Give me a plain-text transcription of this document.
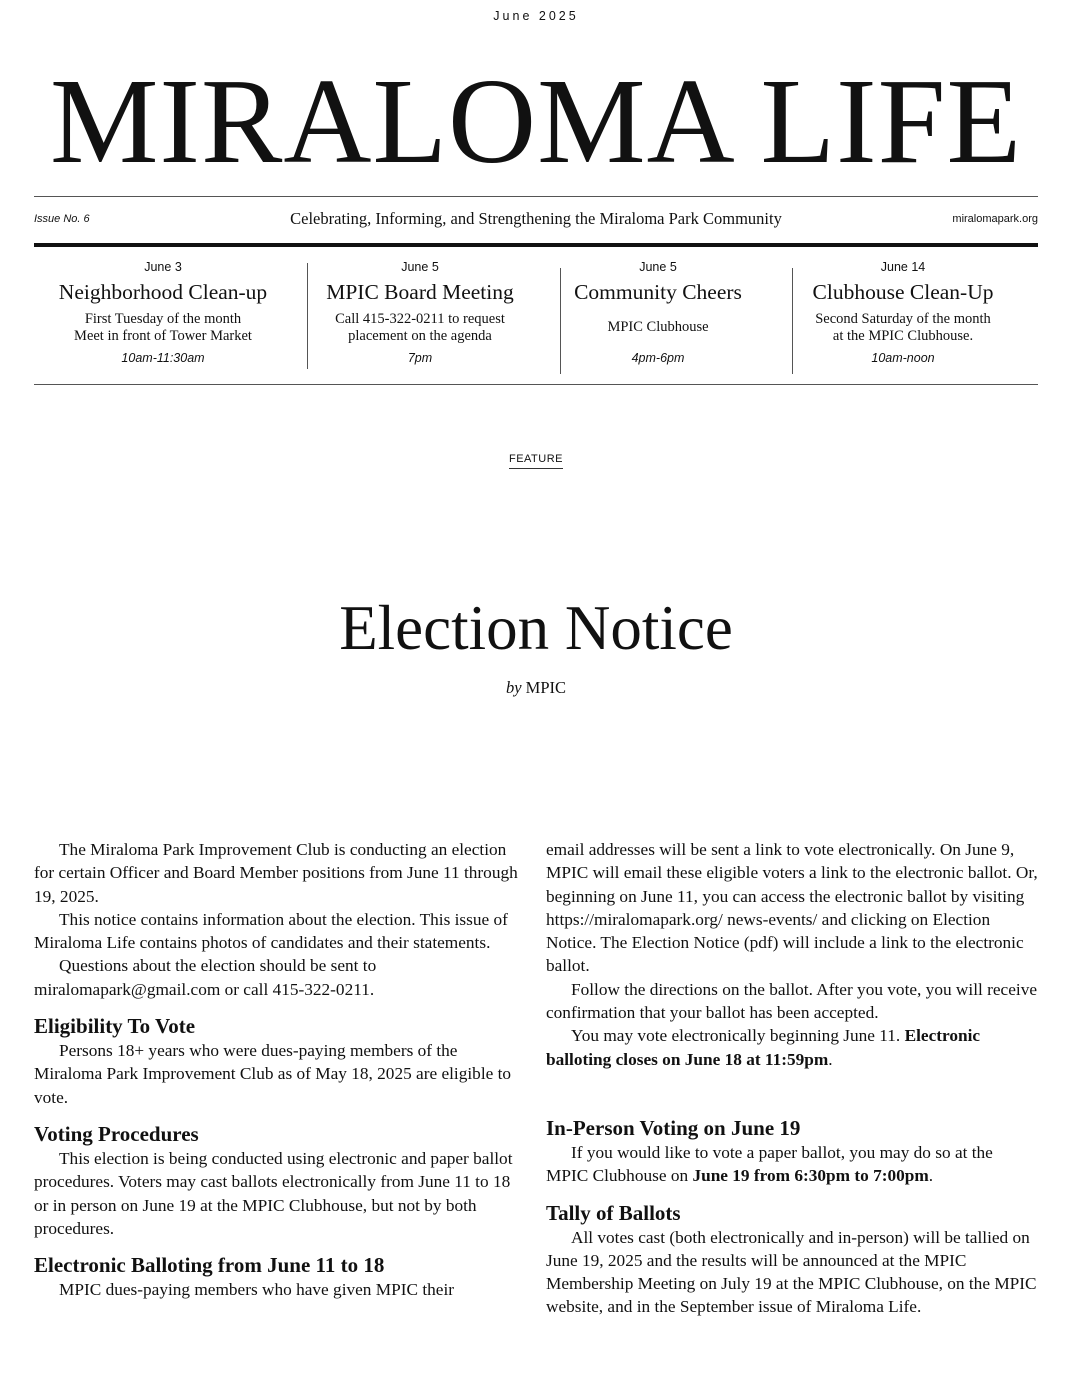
June 2025
MIRALOMA LIFE
Issue No. 6	Celebrating, Informing, and Strengthening the Miraloma Park Community	miralomapark.org
June 3
Neighborhood Clean-up
First Tuesday of the month
Meet in front of Tower Market
10am-11:30am
June 5
MPIC Board Meeting
Call 415-322-0211 to request
placement on the agenda
7pm
June 5
Community Cheers
MPIC Clubhouse
4pm-6pm
June 14
Clubhouse Clean-Up
Second Saturday of the month
at the MPIC Clubhouse.
10am-noon
FEATURE
Election Notice
by MPIC

The Miraloma Park Improvement Club is conducting an election for certain Officer and Board Member positions from June 11 through 19, 2025.

This notice contains information about the election. This issue of Miraloma Life contains photos of candidates and their statements.

Questions about the election should be sent to miralomapark@gmail.com or call 415-322-0211.

Eligibility To Vote

Persons 18+ years who were dues-paying members of the Miraloma Park Improvement Club as of May 18, 2025 are eligible to vote.

Voting Procedures

This election is being conducted using electronic and paper ballot procedures. Voters may cast ballots electronically from June 11 to 18 or in person on June 19 at the MPIC Clubhouse, but not by both procedures.

Electronic Balloting from June 11 to 18

MPIC dues-paying members who have given MPIC their

email addresses will be sent a link to vote electronically. On June 9, MPIC will email these eligible voters a link to the electronic ballot. Or, beginning on June 11, you can access the electronic ballot by visiting https://miralomapark.org/ news-events/ and clicking on Election Notice. The Election Notice (pdf) will include a link to the electronic ballot.

Follow the directions on the ballot. After you vote, you will receive confirmation that your ballot has been accepted.

You may vote electronically beginning June 11. Electronic balloting closes on June 18 at 11:59pm.

In-Person Voting on June 19

If you would like to vote a paper ballot, you may do so at the MPIC Clubhouse on June 19 from 6:30pm to 7:00pm.

Tally of Ballots

All votes cast (both electronically and in-person) will be tallied on June 19, 2025 and the results will be announced at the MPIC Membership Meeting on July 19 at the MPIC Clubhouse, on the MPIC website, and in the September issue of Miraloma Life.
